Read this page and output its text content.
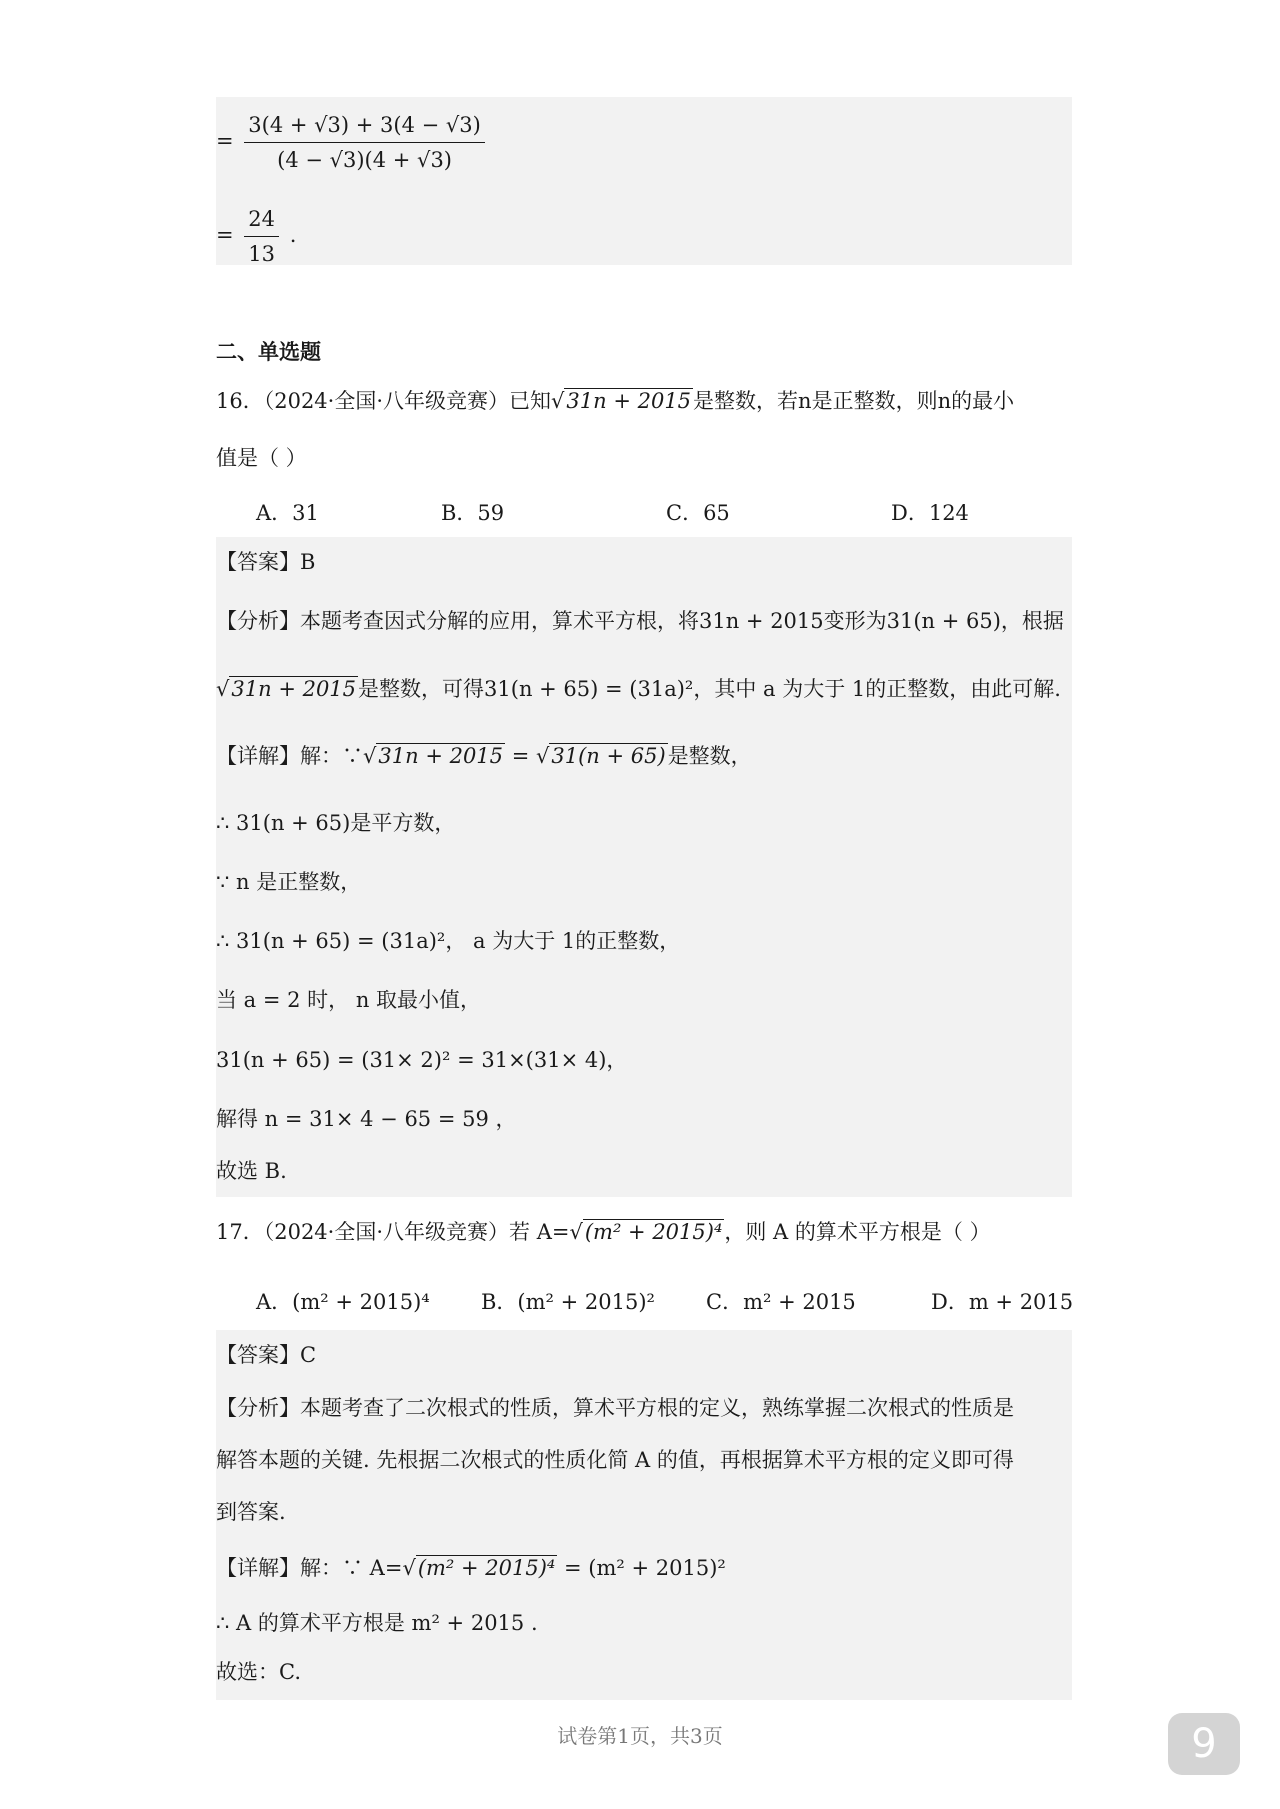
= $\frac{3(4 + √3) + 3(4 - √3)}{(4 - √3)(4 + √3)}$
= $\frac{24}{13}$ .
二、单选题
16．（2024·全国·八年级竞赛）已知√31n + 2015是整数，若n是正整数，则n的最小
值是（ ）
A．31	B．59	C．65	D．124
【答案】B
【分析】本题考查因式分解的应用，算术平方根，将31n + 2015变形为31(n + 65)，根据
√31n + 2015是整数，可得31(n + 65) = (31a)²，其中 a 为大于 1的正整数，由此可解.
【详解】解：∵√31n + 2015 = √31(n + 65)是整数，
∴ 31(n + 65)是平方数，
∵ n 是正整数，
∴ 31(n + 65) = (31a)²， a 为大于 1的正整数，
当 a = 2 时， n 取最小值，
31(n + 65) = (31× 2)² = 31×(31× 4)，
解得 n = 31× 4 − 65 = 59 ，
故选 B.
17．（2024·全国·八年级竞赛）若 A=√(m² + 2015)⁴，则 A 的算术平方根是（ ）
A．(m² + 2015)⁴ B．(m² + 2015)² C．m² + 2015	D．m + 2015
【答案】C
【分析】本题考查了二次根式的性质，算术平方根的定义，熟练掌握二次根式的性质是
解答本题的关键. 先根据二次根式的性质化简 A 的值，再根据算术平方根的定义即可得
到答案.
【详解】解：∵ A=√(m² + 2015)⁴ = (m² + 2015)²
∴ A 的算术平方根是 m² + 2015 .
故选：C.
试卷第1页，共3页	9
